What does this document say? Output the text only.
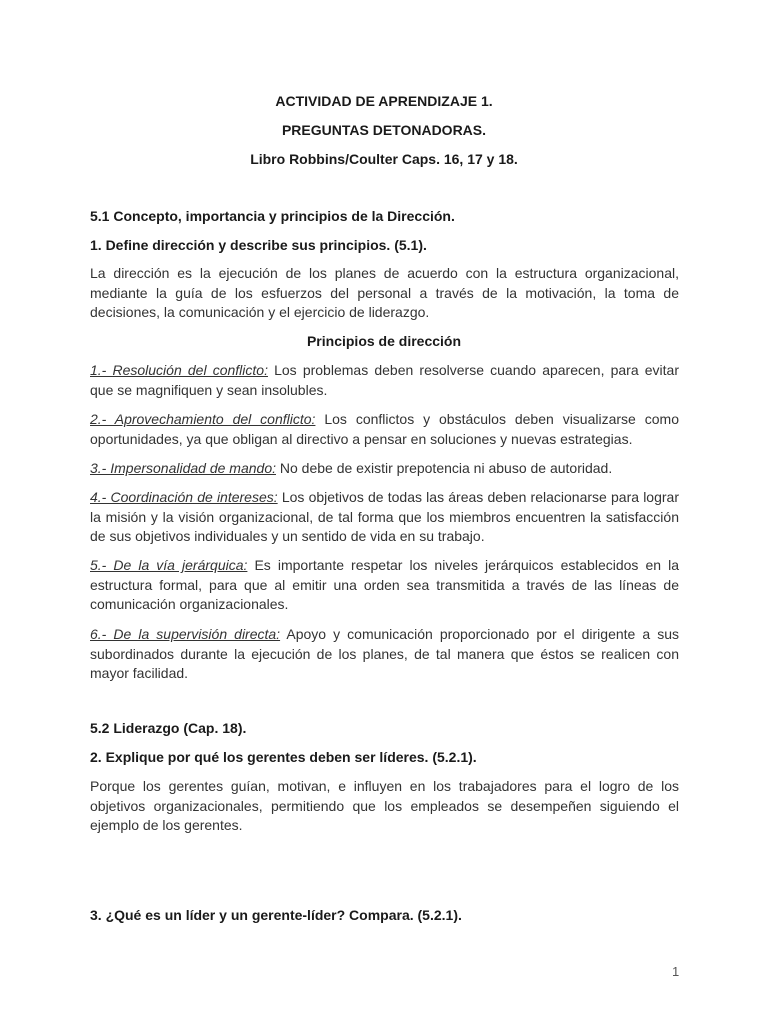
ACTIVIDAD DE APRENDIZAJE 1.
PREGUNTAS DETONADORAS.
Libro Robbins/Coulter Caps. 16, 17 y 18.
5.1 Concepto, importancia y principios de la Dirección.
1. Define dirección y describe sus principios. (5.1).
La dirección es la ejecución de los planes de acuerdo con la estructura organizacional, mediante la guía de los esfuerzos del personal a través de la motivación, la toma de decisiones, la comunicación y el ejercicio de liderazgo.
Principios de dirección
1.- Resolución del conflicto: Los problemas deben resolverse cuando aparecen, para evitar que se magnifiquen y sean insolubles.
2.- Aprovechamiento del conflicto: Los conflictos y obstáculos deben visualizarse como oportunidades, ya que obligan al directivo a pensar en soluciones y nuevas estrategias.
3.- Impersonalidad de mando: No debe de existir prepotencia ni abuso de autoridad.
4.- Coordinación de intereses: Los objetivos de todas las áreas deben relacionarse para lograr la misión y la visión organizacional, de tal forma que los miembros encuentren la satisfacción de sus objetivos individuales y un sentido de vida en su trabajo.
5.- De la vía jerárquica: Es importante respetar los niveles jerárquicos establecidos en la estructura formal, para que al emitir una orden sea transmitida a través de las líneas de comunicación organizacionales.
6.- De la supervisión directa: Apoyo y comunicación proporcionado por el dirigente a sus subordinados durante la ejecución de los planes, de tal manera que éstos se realicen con mayor facilidad.
5.2 Liderazgo (Cap. 18).
2. Explique por qué los gerentes deben ser líderes. (5.2.1).
Porque los gerentes guían, motivan, e influyen en los trabajadores para el logro de los objetivos organizacionales, permitiendo que los empleados se desempeñen siguiendo el ejemplo de los gerentes.
3. ¿Qué es un líder y un gerente-líder? Compara. (5.2.1).
1
